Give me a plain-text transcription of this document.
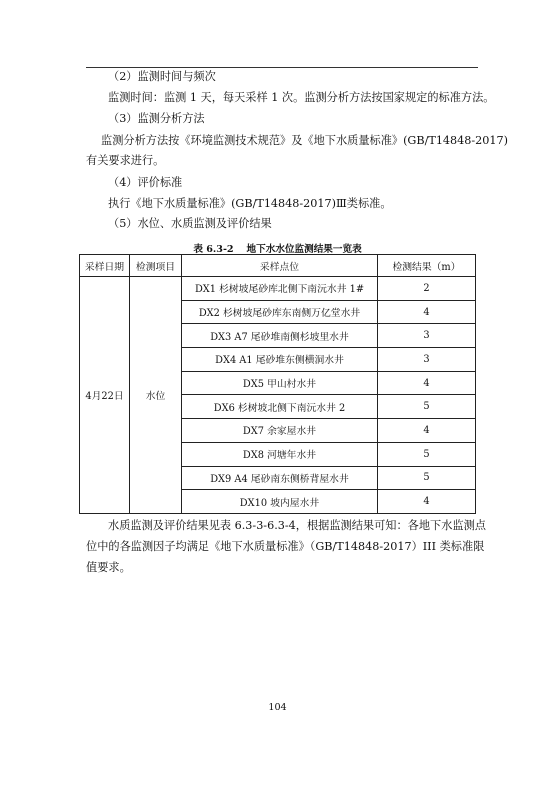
（2）监测时间与频次
监测时间：监测 1 天，每天采样 1 次。监测分析方法按国家规定的标准方法。
（3）监测分析方法
监测分析方法按《环境监测技术规范》及《地下水质量标准》(GB/T14848-2017)
有关要求进行。
（4）评价标准
执行《地下水质量标准》(GB/T14848-2017)Ⅲ类标准。
（5）水位、水质监测及评价结果
表 6.3-2　 地下水水位监测结果一览表
采样日期	检测项目	采样点位	检测结果（m）
4月22日	水位	DX1 杉树坡尾砂库北侧下南沅水井 1#	2
		DX2 杉树坡尾砂库东南侧万亿堂水井	4
		DX3 A7 尾砂堆南侧杉坡里水井	3
		DX4 A1 尾砂堆东侧横洞水井	3
		DX5 甲山村水井	4
		DX6 杉树坡北侧下南沅水井 2	5
		DX7 余家屋水井	4
		DX8 河塘年水井	5
		DX9 A4 尾砂南东侧桥背屋水井	5
		DX10 坡内屋水井	4
水质监测及评价结果见表 6.3-3-6.3-4，根据监测结果可知：各地下水监测点
位中的各监测因子均满足《地下水质量标准》（GB/T14848-2017）III 类标准限
值要求。
104
